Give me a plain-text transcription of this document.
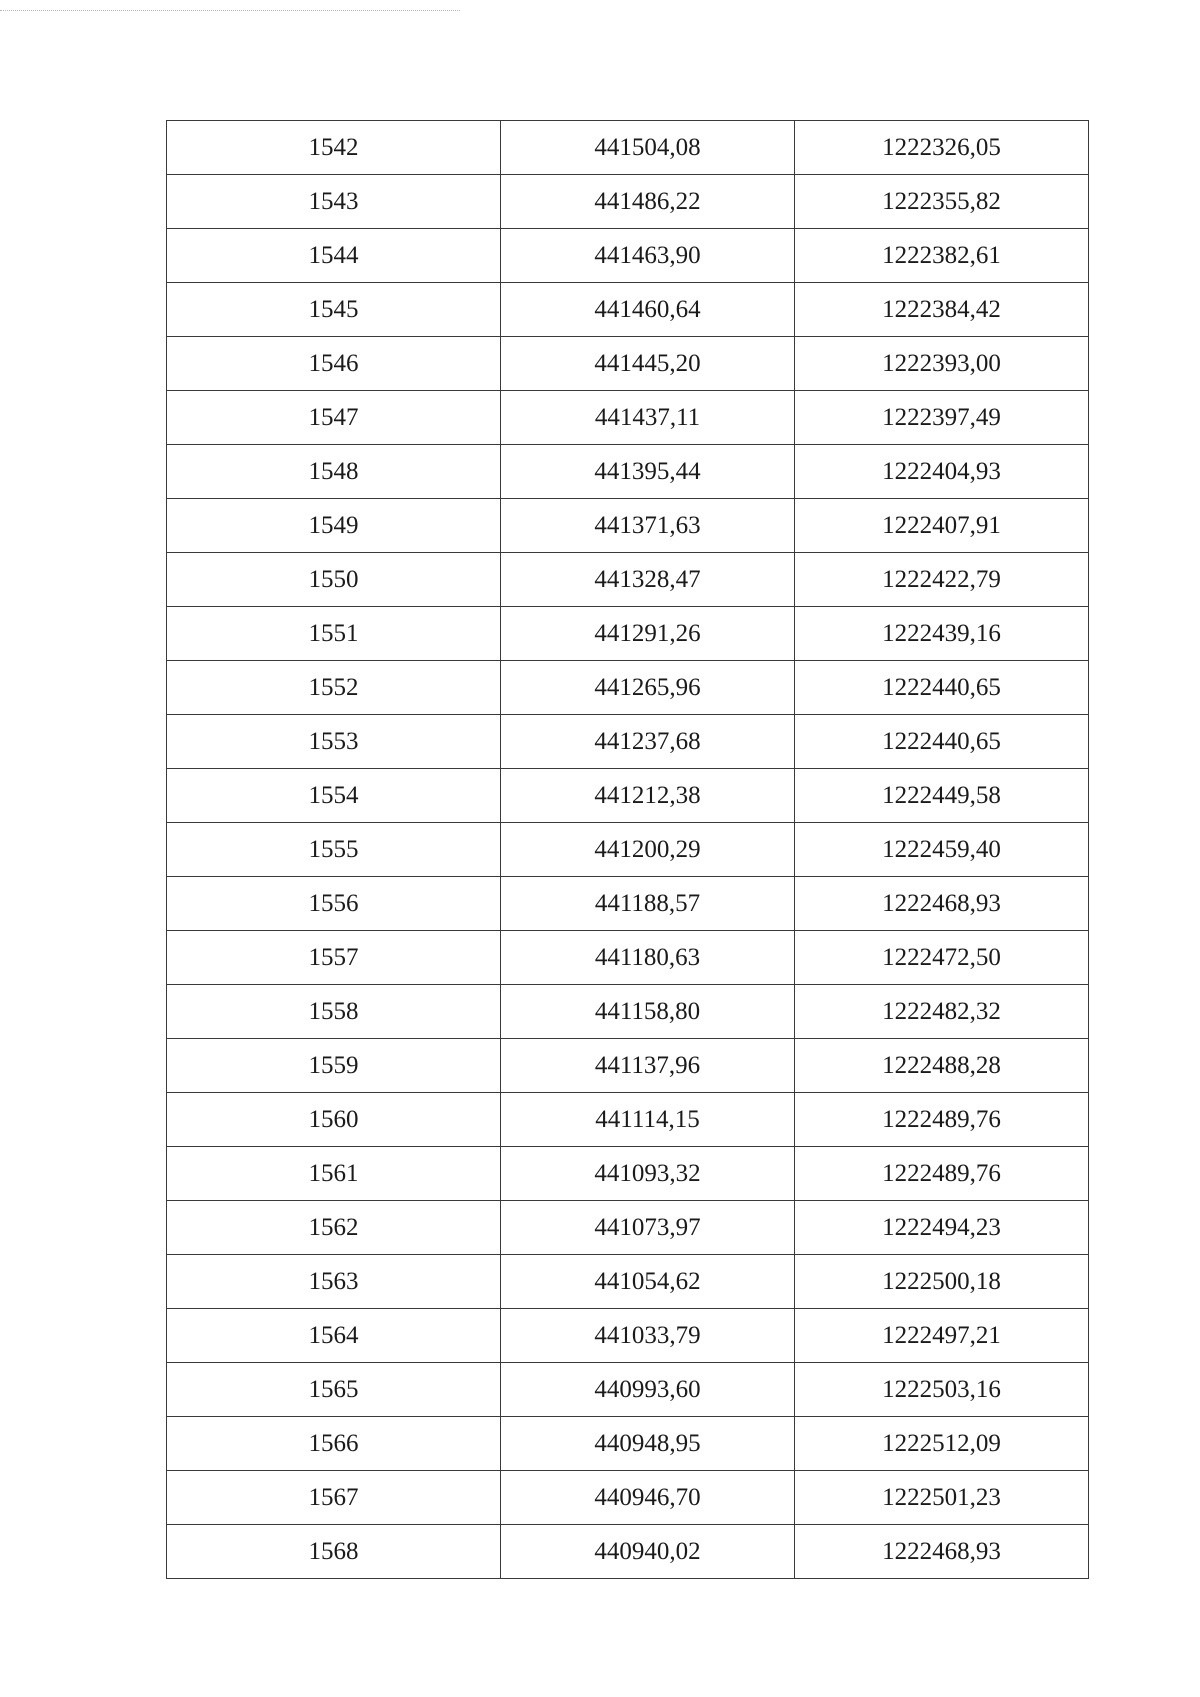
1542	441504,08	1222326,05
1543	441486,22	1222355,82
1544	441463,90	1222382,61
1545	441460,64	1222384,42
1546	441445,20	1222393,00
1547	441437,11	1222397,49
1548	441395,44	1222404,93
1549	441371,63	1222407,91
1550	441328,47	1222422,79
1551	441291,26	1222439,16
1552	441265,96	1222440,65
1553	441237,68	1222440,65
1554	441212,38	1222449,58
1555	441200,29	1222459,40
1556	441188,57	1222468,93
1557	441180,63	1222472,50
1558	441158,80	1222482,32
1559	441137,96	1222488,28
1560	441114,15	1222489,76
1561	441093,32	1222489,76
1562	441073,97	1222494,23
1563	441054,62	1222500,18
1564	441033,79	1222497,21
1565	440993,60	1222503,16
1566	440948,95	1222512,09
1567	440946,70	1222501,23
1568	440940,02	1222468,93
